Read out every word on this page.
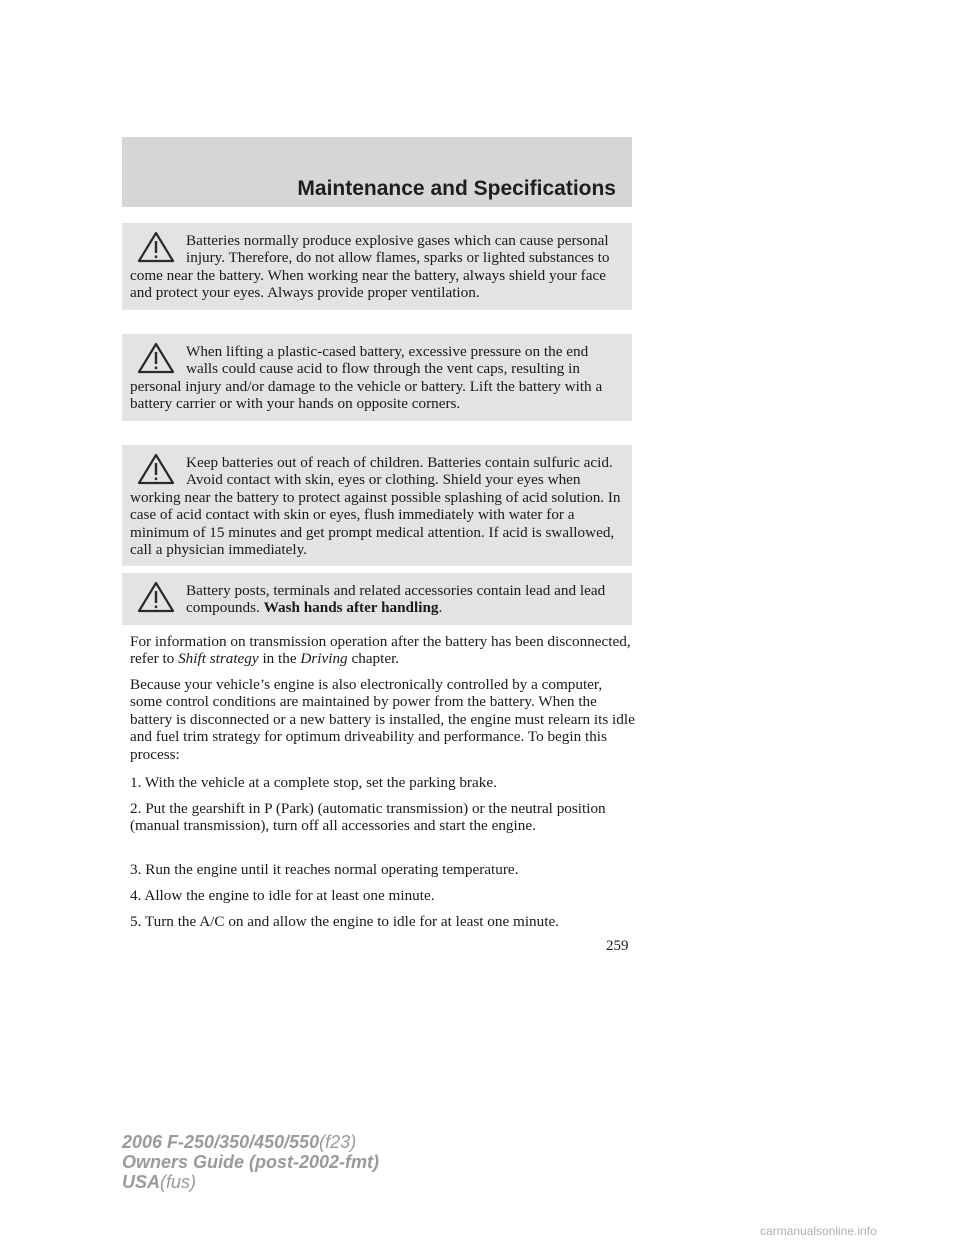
Maintenance and Specifications
Batteries normally produce explosive gases which can cause personal injury. Therefore, do not allow flames, sparks or lighted substances to come near the battery. When working near the battery, always shield your face and protect your eyes. Always provide proper ventilation.
When lifting a plastic-cased battery, excessive pressure on the end walls could cause acid to flow through the vent caps, resulting in personal injury and/or damage to the vehicle or battery. Lift the battery with a battery carrier or with your hands on opposite corners.
Keep batteries out of reach of children. Batteries contain sulfuric acid. Avoid contact with skin, eyes or clothing. Shield your eyes when working near the battery to protect against possible splashing of acid solution. In case of acid contact with skin or eyes, flush immediately with water for a minimum of 15 minutes and get prompt medical attention. If acid is swallowed, call a physician immediately.
Battery posts, terminals and related accessories contain lead and lead compounds. Wash hands after handling.

For information on transmission operation after the battery has been disconnected, refer to Shift strategy in the Driving chapter.

Because your vehicle’s engine is also electronically controlled by a computer, some control conditions are maintained by power from the battery. When the battery is disconnected or a new battery is installed, the engine must relearn its idle and fuel trim strategy for optimum driveability and performance. To begin this process:

1. With the vehicle at a complete stop, set the parking brake.

2. Put the gearshift in P (Park) (automatic transmission) or the neutral position (manual transmission), turn off all accessories and start the engine.

3. Run the engine until it reaches normal operating temperature.

4. Allow the engine to idle for at least one minute.

5. Turn the A/C on and allow the engine to idle for at least one minute.

259
2006 F-250/350/450/550(f23)
Owners Guide (post-2002-fmt)
USA(fus)
carmanualsonline.info
